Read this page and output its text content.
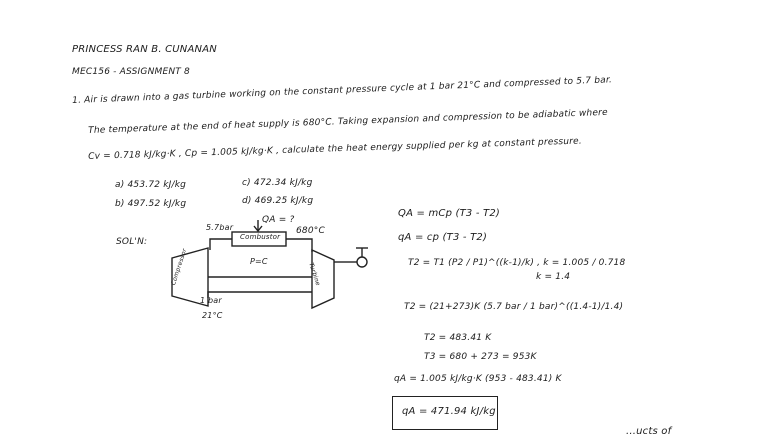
PRINCESS RAN B. CUNANAN
MEC156 - ASSIGNMENT 8
1. Air is drawn into a gas turbine working on the constant pressure cycle at 1 bar 21°C and compressed to 5.7 bar.
The temperature at the end of heat supply is 680°C. Taking expansion and compression to be adiabatic where
Cv = 0.718 kJ/kg·K , Cp = 1.005 kJ/kg·K , calculate the heat energy supplied per kg at constant pressure.
a) 453.72 kJ/kg
b) 497.52 kJ/kg
c) 472.34 kJ/kg
d) 469.25 kJ/kg
SOL'N:
5.7bar
QA = ?
680°C
Combustor
P=C
Compressor	Turbine
1 bar
21°C
QA = mCp (T3 - T2)
qA = cp (T3 - T2)
T2 = T1 (P2 / P1)^((k-1)/k) , k = 1.005 / 0.718
k = 1.4
T2 = (21+273)K (5.7 bar / 1 bar)^((1.4-1)/1.4)
T2 = 483.41 K
T3 = 680 + 273 = 953K
qA = 1.005 kJ/kg·K (953 - 483.41) K
qA = 471.94 kJ/kg
...ucts of
